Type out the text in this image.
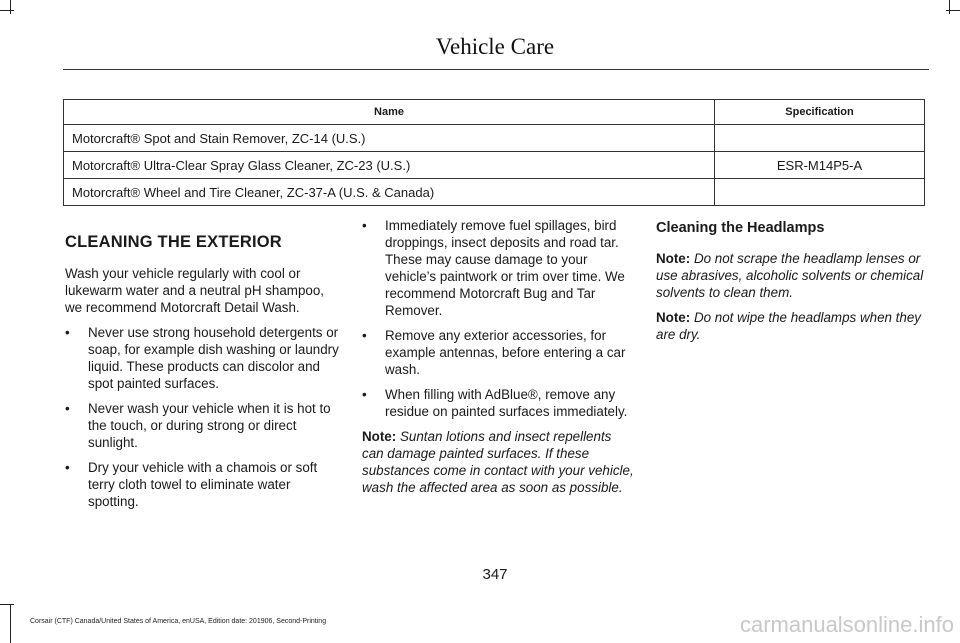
Vehicle Care
Name	Specification
Motorcraft® Spot and Stain Remover, ZC-14 (U.S.)	
Motorcraft® Ultra-Clear Spray Glass Cleaner, ZC-23 (U.S.)	ESR-M14P5-A
Motorcraft® Wheel and Tire Cleaner, ZC-37-A (U.S. & Canada)	
CLEANING THE EXTERIOR

Wash your vehicle regularly with cool or lukewarm water and a neutral pH shampoo, we recommend Motorcraft Detail Wash.

• Never use strong household detergents or soap, for example dish washing or laundry liquid. These products can discolor and spot painted surfaces.
• Never wash your vehicle when it is hot to the touch, or during strong or direct sunlight.
• Dry your vehicle with a chamois or soft terry cloth towel to eliminate water spotting.
• Immediately remove fuel spillages, bird droppings, insect deposits and road tar. These may cause damage to your vehicle’s paintwork or trim over time. We recommend Motorcraft Bug and Tar Remover.
• Remove any exterior accessories, for example antennas, before entering a car wash.
• When filling with AdBlue®, remove any residue on painted surfaces immediately.

Note: Suntan lotions and insect repellents can damage painted surfaces. If these substances come in contact with your vehicle, wash the affected area as soon as possible.

Cleaning the Headlamps

Note: Do not scrape the headlamp lenses or use abrasives, alcoholic solvents or chemical solvents to clean them.

Note: Do not wipe the headlamps when they are dry.

347
Corsair (CTF) Canada/United States of America, enUSA, Edition date: 201906, Second-Printing	carmanualsonline.info
